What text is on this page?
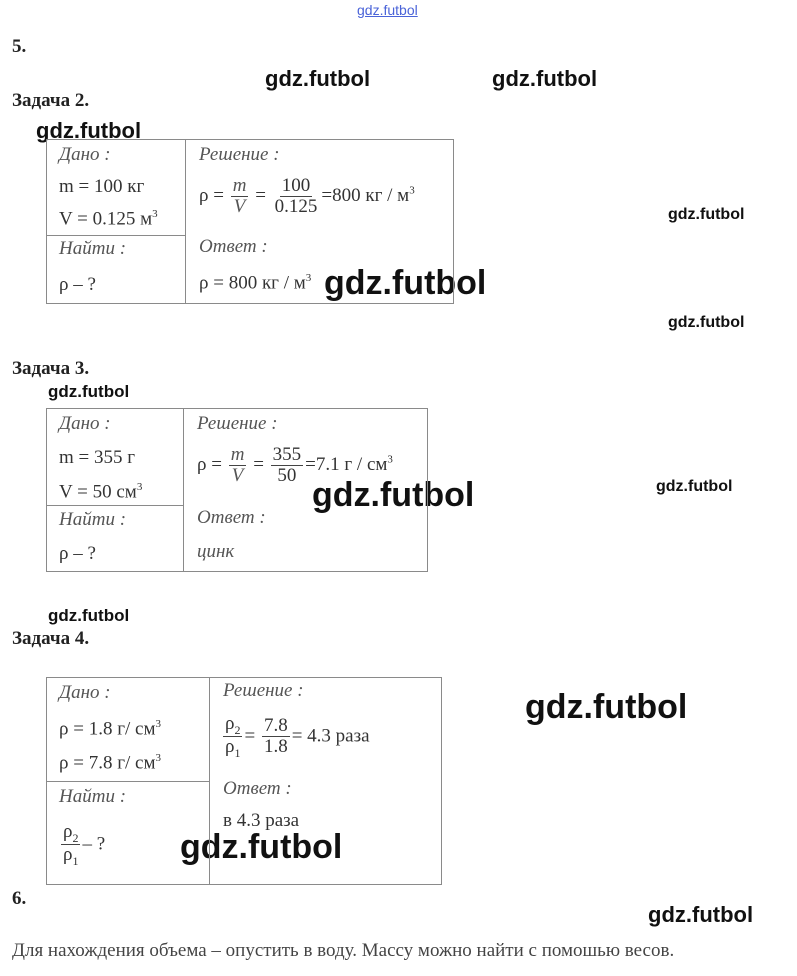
gdz.futbol
gdz.futbol	gdz.futbol
gdz.futbol
gdz.futbol
gdz.futbol
gdz.futbol
gdz.futbol
gdz.futbol	gdz.futbol
gdz.futbol
gdz.futbol
gdz.futbol
gdz.futbol
5.
Задача 2.
Дано :
m = 100 кг
V = 0.125 $м^3$
Найти :
ρ – ?
Решение :
$\rho = \frac{m}{V} = \frac{100}{0.125} =800$ кг / $м^3$
Ответ :
ρ = 800 кг / $м^3$
Задача 3.
Дано :
m = 355 г
V = 50 $см^3$
Найти :
ρ – ?
Решение :
$\rho = \frac{m}{V} = \frac{355}{50} =7.1$ г / $см^3$
Ответ :
цинк
Задача 4.
Дано :
ρ = 1.8 г/ $см^3$
ρ = 7.8 г/ $см^3$
Найти :
$\frac{\rho_2}{\rho_1}$ – ?
Решение :
$\frac{\rho_2}{\rho_1} = \frac{7.8}{1.8} = 4.3$ раза
Ответ :
в 4.3 раза
6.
Для нахождения объема – опустить в воду. Массу можно найти с помошью весов.
